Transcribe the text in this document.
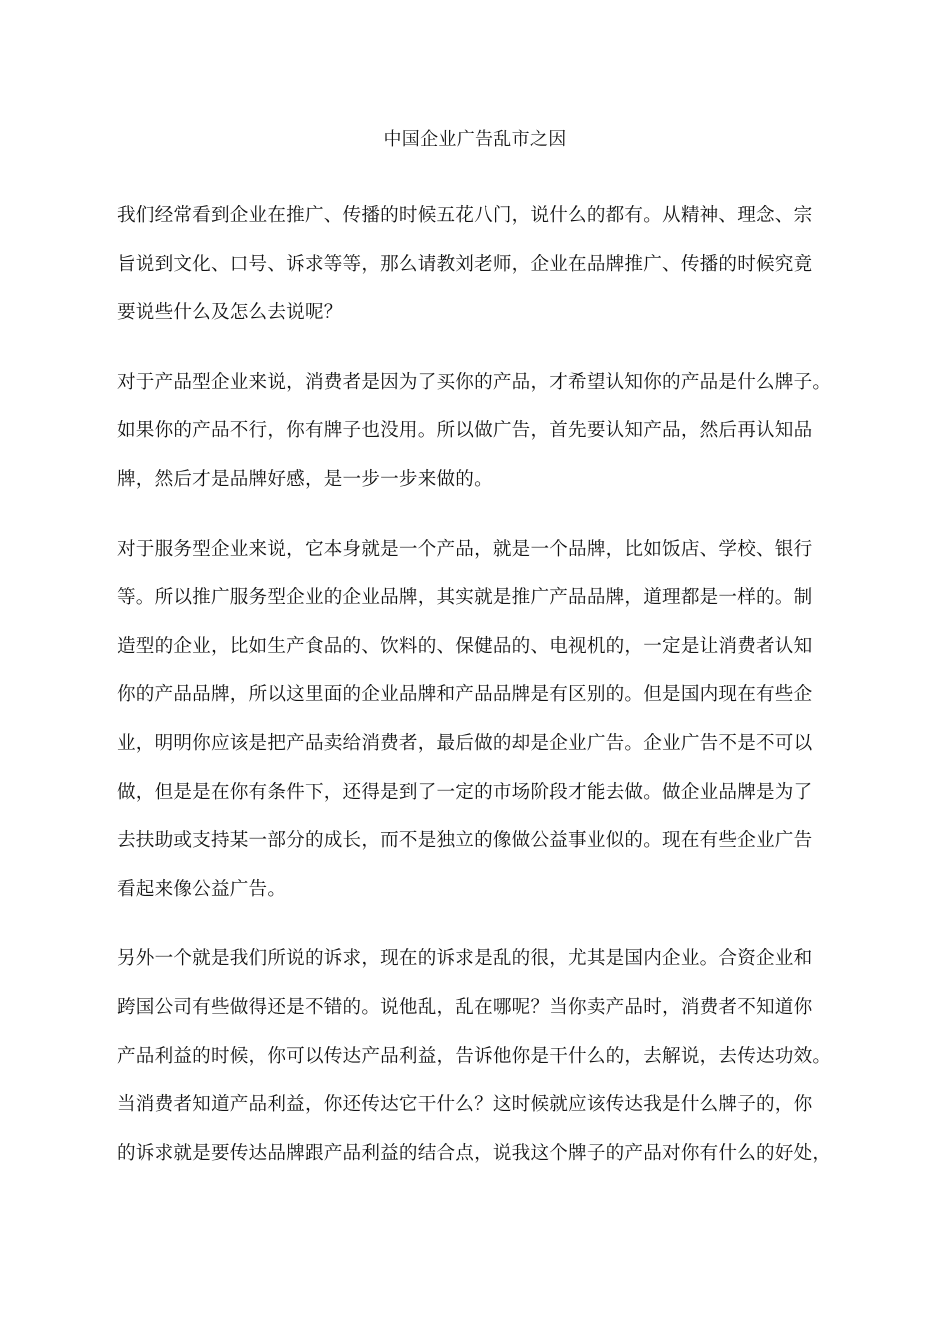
中国企业广告乱市之因
我们经常看到企业在推广、传播的时候五花八门，说什么的都有。从精神、理念、宗
旨说到文化、口号、诉求等等，那么请教刘老师，企业在品牌推广、传播的时候究竟
要说些什么及怎么去说呢？
对于产品型企业来说，消费者是因为了买你的产品，才希望认知你的产品是什么牌子。
如果你的产品不行，你有牌子也没用。所以做广告，首先要认知产品，然后再认知品
牌，然后才是品牌好感，是一步一步来做的。
对于服务型企业来说，它本身就是一个产品，就是一个品牌，比如饭店、学校、银行
等。所以推广服务型企业的企业品牌，其实就是推广产品品牌，道理都是一样的。制
造型的企业，比如生产食品的、饮料的、保健品的、电视机的，一定是让消费者认知
你的产品品牌，所以这里面的企业品牌和产品品牌是有区别的。但是国内现在有些企
业，明明你应该是把产品卖给消费者，最后做的却是企业广告。企业广告不是不可以
做，但是是在你有条件下，还得是到了一定的市场阶段才能去做。做企业品牌是为了
去扶助或支持某一部分的成长，而不是独立的像做公益事业似的。现在有些企业广告
看起来像公益广告。
另外一个就是我们所说的诉求，现在的诉求是乱的很，尤其是国内企业。合资企业和
跨国公司有些做得还是不错的。说他乱，乱在哪呢？当你卖产品时，消费者不知道你
产品利益的时候，你可以传达产品利益，告诉他你是干什么的，去解说，去传达功效。
当消费者知道产品利益，你还传达它干什么？这时候就应该传达我是什么牌子的，你
的诉求就是要传达品牌跟产品利益的结合点，说我这个牌子的产品对你有什么的好处，
